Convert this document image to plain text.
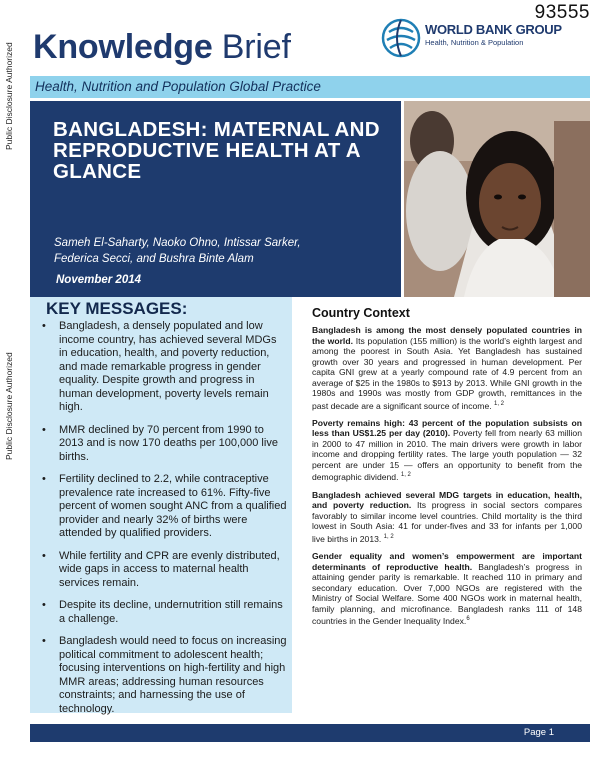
93555
Public Disclosure Authorized
Public Disclosure Authorized
Knowledge Brief	WORLD BANK GROUP
Health, Nutrition & Population
Health, Nutrition and Population Global Practice
BANGLADESH: MATERNAL AND REPRODUCTIVE HEALTH AT A GLANCE
Sameh El-Saharty, Naoko Ohno, Intissar Sarker,
Federica Secci, and Bushra Binte Alam
November 2014
KEY MESSAGES:
• Bangladesh, a densely populated and low income country, has achieved several MDGs in education, health, and poverty reduction, and made remarkable progress in gender equality. Despite growth and progress in human development, poverty levels remain high.
• MMR declined by 70 percent from 1990 to 2013 and is now 170 deaths per 100,000 live births.
• Fertility declined to 2.2, while contraceptive prevalence rate increased to 61%. Fifty-five percent of women sought ANC from a qualified provider and nearly 32% of births were attended by qualified providers.
• While fertility and CPR are evenly distributed, wide gaps in access to maternal health services remain.
• Despite its decline, undernutrition still remains a challenge.
• Bangladesh would need to focus on increasing political commitment to adolescent health; focusing interventions on high-fertility and high MMR areas; addressing human resources constraints; and harnessing the use of technology.
Country Context

Bangladesh is among the most densely populated countries in the world. Its population (155 million) is the world’s eighth largest and among the poorest in South Asia. Yet Bangladesh has sustained growth over 30 years and progressed in human development. Per capita GNI grew at a yearly compound rate of 4.9 percent from an average of $25 in the 1980s to $913 by 2013. While GNI growth in the 1980s and 1990s was mostly from GDP growth, remittances in the past decade are a significant source of income. $^{1, 2}$

Poverty remains high: 43 percent of the population subsists on less than US$1.25 per day (2010). Poverty fell from nearly 63 million in 2000 to 47 million in 2010. The main drivers were growth in labor income and dropping fertility rates. The large youth population — 32 percent are under 15 — offers an opportunity to benefit from the demographic dividend. $^{1, 2}$

Bangladesh achieved several MDG targets in education, health, and poverty reduction. Its progress in social sectors compares favorably to similar income level countries. Child mortality is the third lowest in South Asia: 41 for under-fives and 33 for infants per 1,000 live births in 2013. $^{1, 2}$

Gender equality and women’s empowerment are important determinants of reproductive health. Bangladesh’s progress in attaining gender parity is remarkable. It reached 110 in primary and secondary education. Over 7,000 NGOs are registered with the Ministry of Social Welfare. Some 400 NGOs work in maternal health, family planning, and microfinance. Bangladesh ranks 111 of 148 countries in the Gender Inequality Index.$^6$

Page 1
